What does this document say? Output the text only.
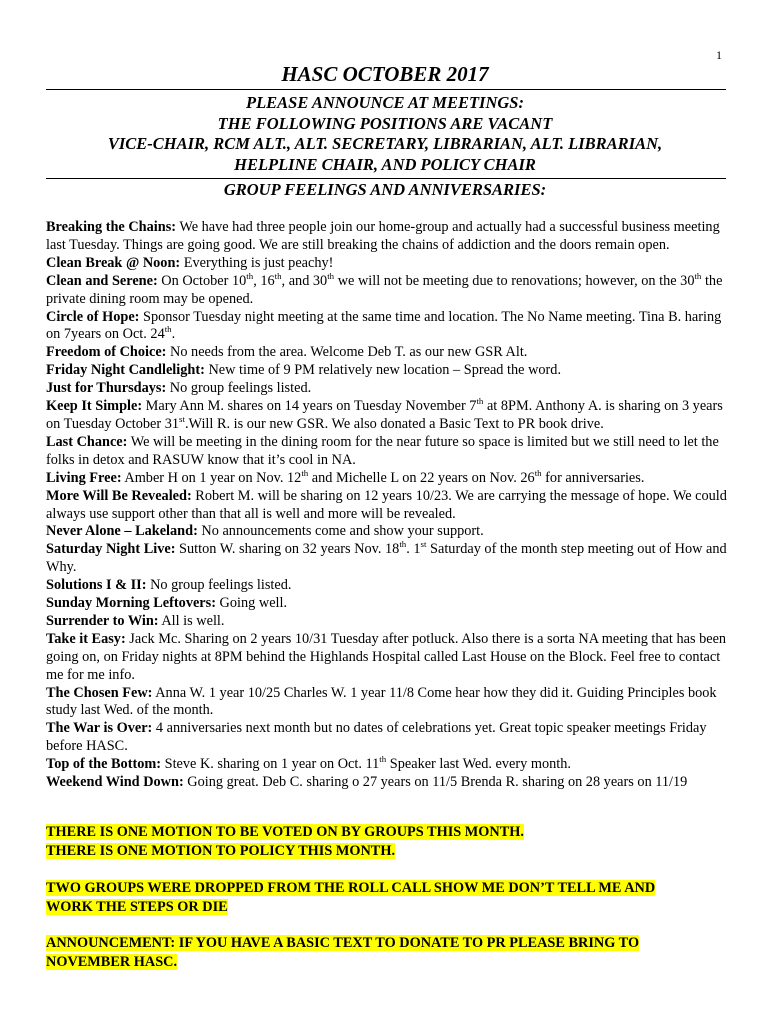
1
HASC OCTOBER 2017
PLEASE ANNOUNCE AT MEETINGS:
THE FOLLOWING POSITIONS ARE VACANT
VICE-CHAIR, RCM ALT., ALT. SECRETARY, LIBRARIAN, ALT. LIBRARIAN,
HELPLINE CHAIR, AND POLICY CHAIR
GROUP FEELINGS AND ANNIVERSARIES:
Breaking the Chains: We have had three people join our home-group and actually had a successful business meeting last Tuesday. Things are going good. We are still breaking the chains of addiction and the doors remain open.
Clean Break @ Noon: Everything is just peachy!
Clean and Serene: On October 10th, 16th, and 30th we will not be meeting due to renovations; however, on the 30th the private dining room may be opened.
Circle of Hope: Sponsor Tuesday night meeting at the same time and location. The No Name meeting. Tina B. haring on 7years on Oct. 24th.
Freedom of Choice: No needs from the area. Welcome Deb T. as our new GSR Alt.
Friday Night Candlelight: New time of 9 PM relatively new location – Spread the word.
Just for Thursdays: No group feelings listed.
Keep It Simple: Mary Ann M. shares on 14 years on Tuesday November 7th at 8PM. Anthony A. is sharing on 3 years on Tuesday October 31st.Will R. is our new GSR. We also donated a Basic Text to PR book drive.
Last Chance: We will be meeting in the dining room for the near future so space is limited but we still need to let the folks in detox and RASUW know that it’s cool in NA.
Living Free: Amber H on 1 year on Nov. 12th and Michelle L on 22 years on Nov. 26th for anniversaries.
More Will Be Revealed: Robert M. will be sharing on 12 years 10/23. We are carrying the message of hope. We could always use support other than that all is well and more will be revealed.
Never Alone – Lakeland: No announcements come and show your support.
Saturday Night Live: Sutton W. sharing on 32 years Nov. 18th. 1st Saturday of the month step meeting out of How and Why.
Solutions I & II: No group feelings listed.
Sunday Morning Leftovers: Going well.
Surrender to Win: All is well.
Take it Easy: Jack Mc. Sharing on 2 years 10/31 Tuesday after potluck. Also there is a sorta NA meeting that has been going on, on Friday nights at 8PM behind the Highlands Hospital called Last House on the Block. Feel free to contact me for me info.
The Chosen Few: Anna W. 1 year 10/25 Charles W. 1 year 11/8 Come hear how they did it. Guiding Principles book study last Wed. of the month.
The War is Over: 4 anniversaries next month but no dates of celebrations yet. Great topic speaker meetings Friday before HASC.
Top of the Bottom: Steve K. sharing on 1 year on Oct. 11th Speaker last Wed. every month.
Weekend Wind Down: Going great. Deb C. sharing o 27 years on 11/5 Brenda R. sharing on 28 years on 11/19
THERE IS ONE MOTION TO BE VOTED ON BY GROUPS THIS MONTH.
THERE IS ONE MOTION TO POLICY THIS MONTH.
TWO GROUPS WERE DROPPED FROM THE ROLL CALL SHOW ME DON’T TELL ME AND
WORK THE STEPS OR DIE
ANNOUNCEMENT: IF YOU HAVE A BASIC TEXT TO DONATE TO PR PLEASE BRING TO
NOVEMBER HASC.
